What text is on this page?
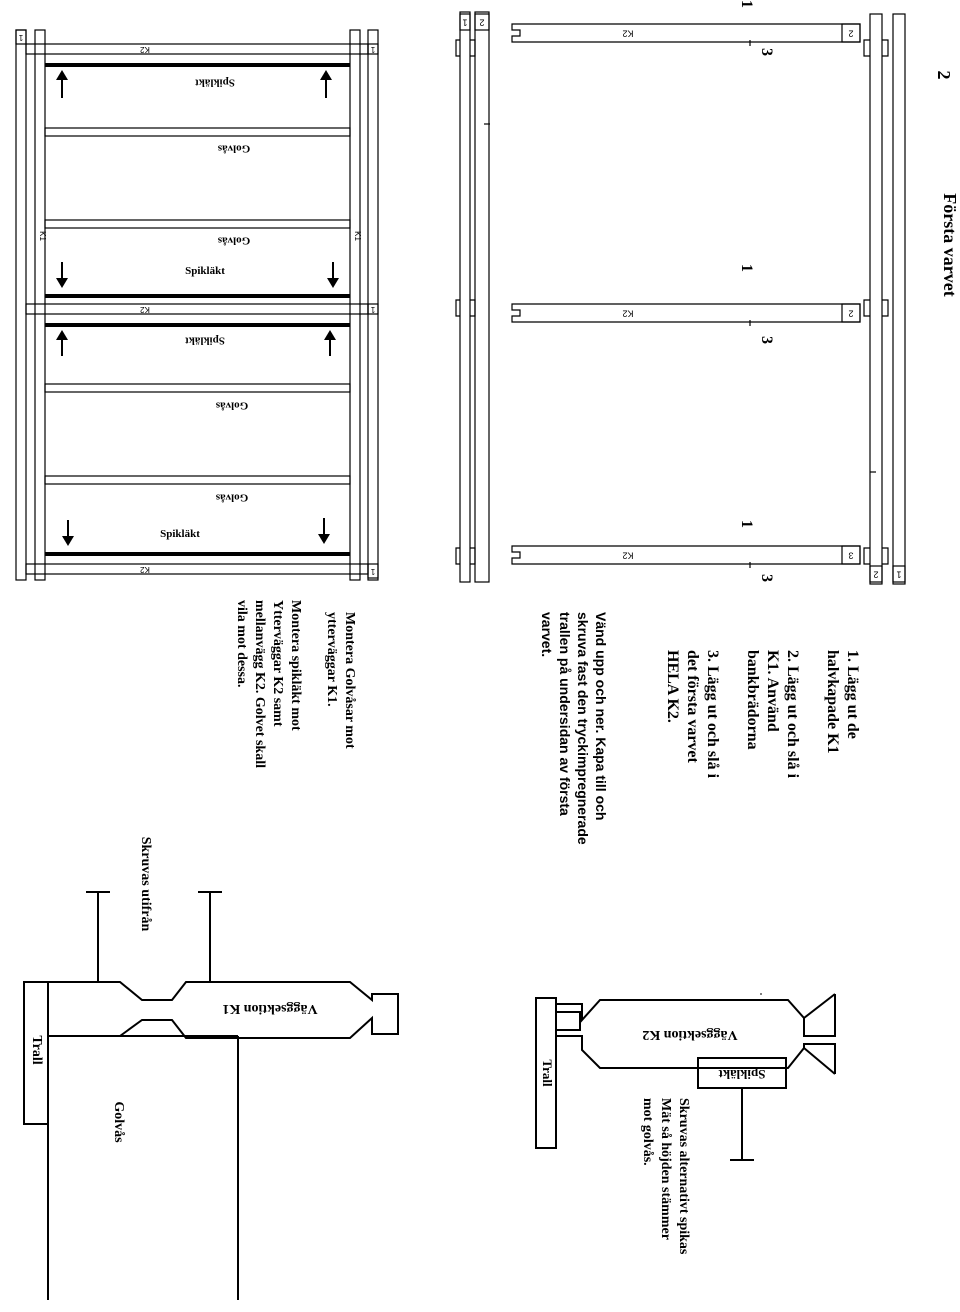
2
Första varvet
K2	2
K2	2
K2	3
2 1
1 2
1
3
1
3
1
3
1. Lägg ut de
halvkapade K1
2. Lägg ut och slå i
K1. Använd
bankbrädorna
3. Lägg ut och slå i
det första varvet
HELA K2.
Vänd upp och ner. Kapa till och
skruva fast den tryckimpregnerade
trallen på undersidan av första
varvet.
K2	1
1
K2	1
K2	1
K1	K1
Spikläkt
Golvås
Golvås
Spikläkt
Spikläkt
Golvås
Golvås
Spikläkt
Montera Golvåsar mot
ytterväggar K1.
Montera spikläkt mot
Ytterväggar K2 samt
mellanvägg K2. Golvet skall
vila mot dessa.
Trall
Väggsektion K2
Spikläkt
Skruvas alternativt spikas
Mät så höjden stämmer
mot golvås.
Trall
Väggsektion K1
Golvås
Skruvas utifrån
